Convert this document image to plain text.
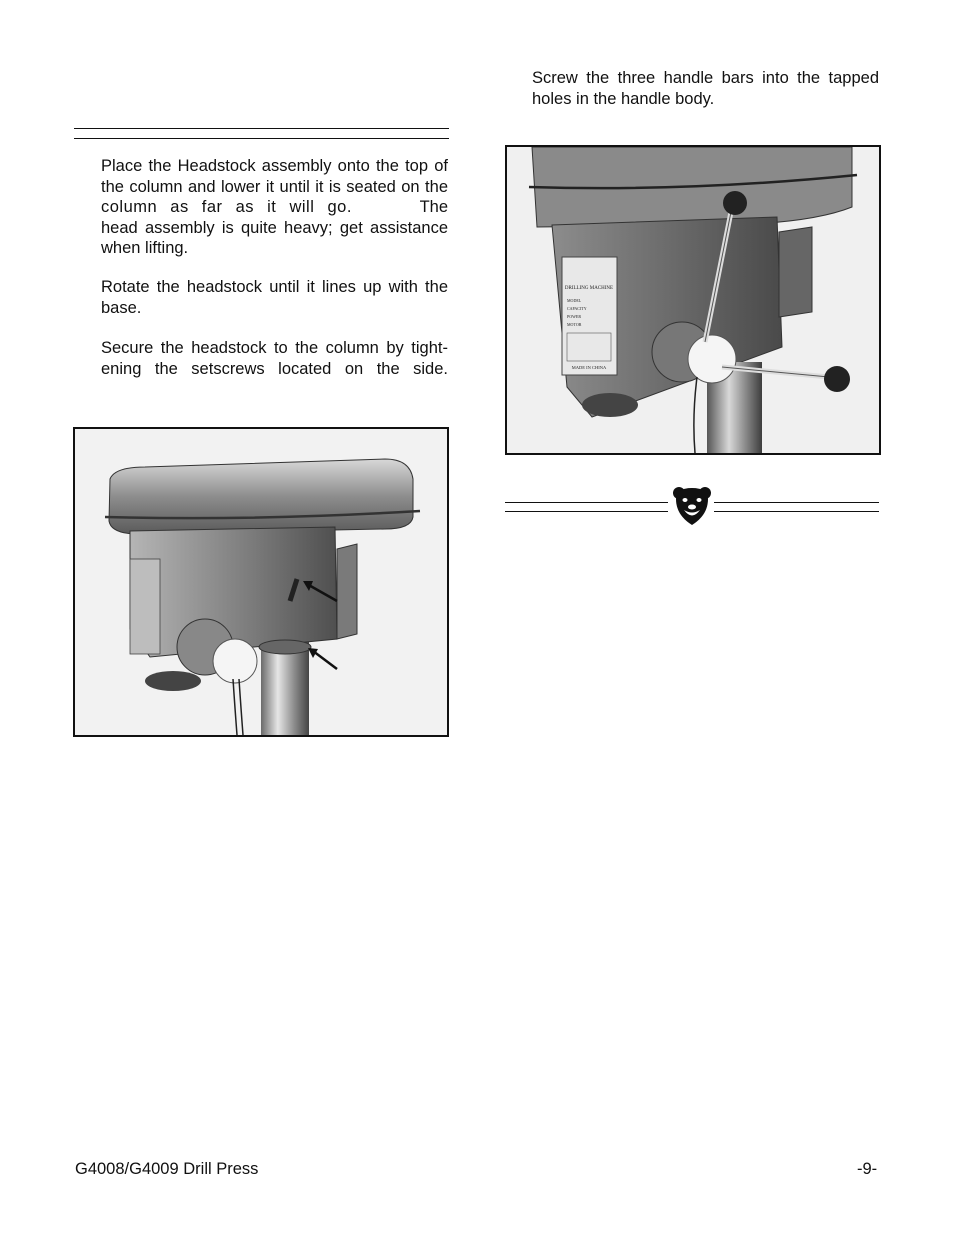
Place the Headstock assembly onto the top of
the column and lower it until it is seated on the
column as far as it will go.	The
head assembly is quite heavy; get assistance
when lifting.

Rotate the headstock until it lines up with the base.

Secure the headstock to the column by tight-
ening the setscrews located on the side.

Screw the three handle bars into the tapped holes in the handle body.

DRILLING MACHINE
MODEL
CAPACITY
POWER
MOTOR
MADE IN CHINA
G4008/G4009 Drill Press	-9-
